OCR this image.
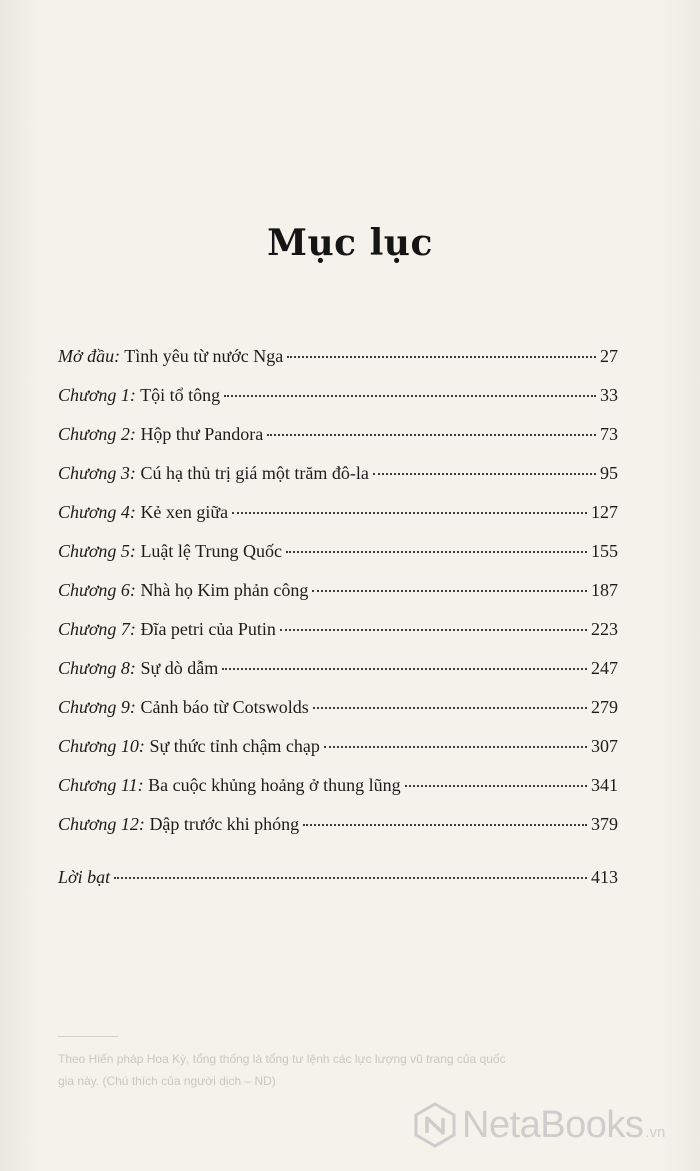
Mục lục
Mở đầu: Tình yêu từ nước Nga	27
Chương 1: Tội tổ tông	33
Chương 2: Hộp thư Pandora	73
Chương 3: Cú hạ thủ trị giá một trăm đô-la	95
Chương 4: Kẻ xen giữa	127
Chương 5: Luật lệ Trung Quốc	155
Chương 6: Nhà họ Kim phản công	187
Chương 7: Đĩa petri của Putin	223
Chương 8: Sự dò dẫm	247
Chương 9: Cảnh báo từ Cotswolds	279
Chương 10: Sự thức tỉnh chậm chạp	307
Chương 11: Ba cuộc khủng hoảng ở thung lũng	341
Chương 12: Dập trước khi phóng	379
Lời bạt	413
Theo Hiến pháp Hoa Kỳ, tổng thống là tổng tư lệnh các lực lượng vũ trang của quốc
gia này. (Chú thích của người dịch – ND)
NetaBooks .vn
